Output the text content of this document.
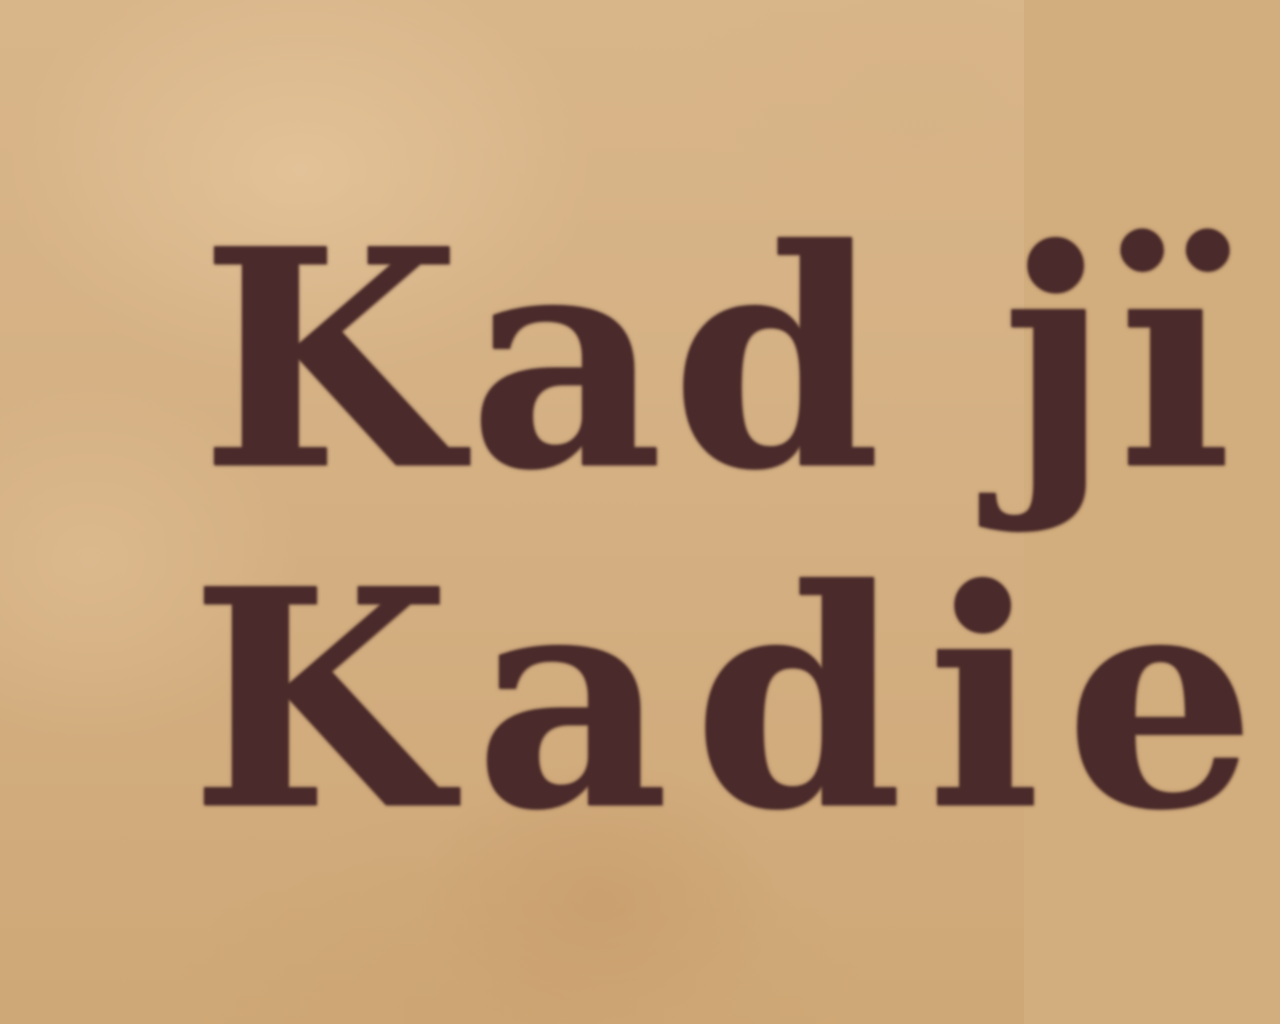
Kad jï

Kadie
